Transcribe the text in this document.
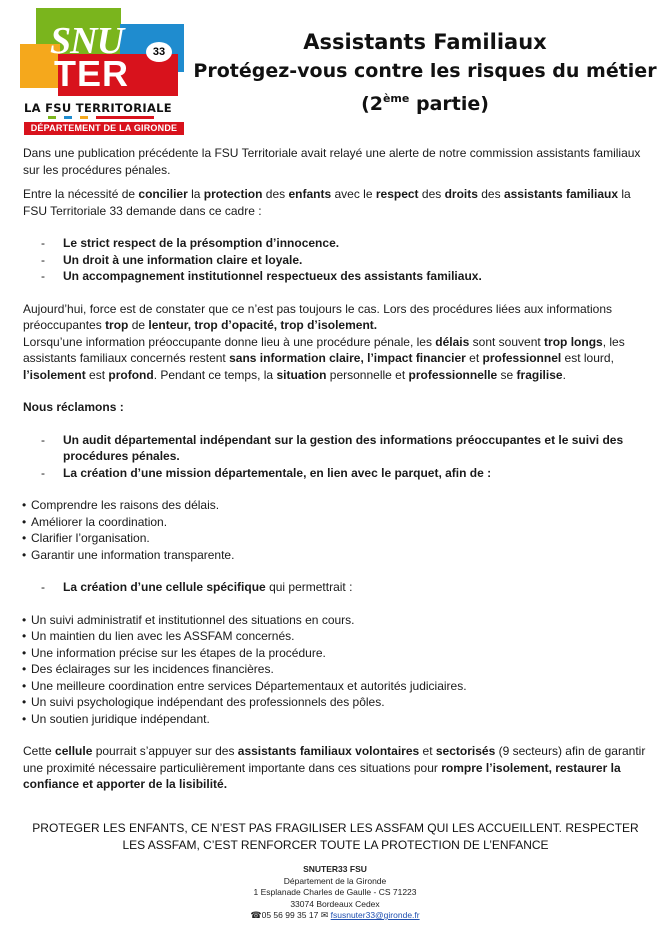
SNU	33
TER
LA FSU TERRITORIALE
DÉPARTEMENT DE LA GIRONDE
Assistants Familiaux
Protégez-vous contre les risques du métier
(2ème partie)

Dans une publication précédente la FSU Territoriale avait relayé une alerte de notre commission assistants familiaux sur les procédures pénales.

Entre la nécessité de concilier la protection des enfants avec le respect des droits des assistants familiaux la FSU Territoriale 33 demande dans ce cadre :

- Le strict respect de la présomption d’innocence.
- Un droit à une information claire et loyale.
- Un accompagnement institutionnel respectueux des assistants familiaux.

Aujourd’hui, force est de constater que ce n’est pas toujours le cas. Lors des procédures liées aux informations préoccupantes trop de lenteur, trop d’opacité, trop d’isolement.

Lorsqu’une information préoccupante donne lieu à une procédure pénale, les délais sont souvent trop longs, les assistants familiaux concernés restent sans information claire, l’impact financier et professionnel est lourd, l’isolement est profond. Pendant ce temps, la situation personnelle et professionnelle se fragilise.

Nous réclamons :

- Un audit départemental indépendant sur la gestion des informations préoccupantes et le suivi des procédures pénales.
- La création d’une mission départementale, en lien avec le parquet, afin de :
• Comprendre les raisons des délais.
• Améliorer la coordination.
• Clarifier l’organisation.
• Garantir une information transparente.
- La création d’une cellule spécifique qui permettrait :
• Un suivi administratif et institutionnel des situations en cours.
• Un maintien du lien avec les ASSFAM concernés.
• Une information précise sur les étapes de la procédure.
• Des éclairages sur les incidences financières.
• Une meilleure coordination entre services Départementaux et autorités judiciaires.
• Un suivi psychologique indépendant des professionnels des pôles.
• Un soutien juridique indépendant.

Cette cellule pourrait s’appuyer sur des assistants familiaux volontaires et sectorisés (9 secteurs) afin de garantir une proximité nécessaire particulièrement importante dans ces situations pour rompre l’isolement, restaurer la confiance et apporter de la lisibilité.

PROTEGER LES ENFANTS, CE N’EST PAS FRAGILISER LES ASSFAM QUI LES ACCUEILLENT. RESPECTER LES ASSFAM, C’EST RENFORCER TOUTE LA PROTECTION DE L’ENFANCE
SNUTER33 FSU
Département de la Gironde
1 Esplanade Charles de Gaulle - CS 71223
33074 Bordeaux Cedex
☎05 56 99 35 17 ✉ fsusnuter33@gironde.fr
